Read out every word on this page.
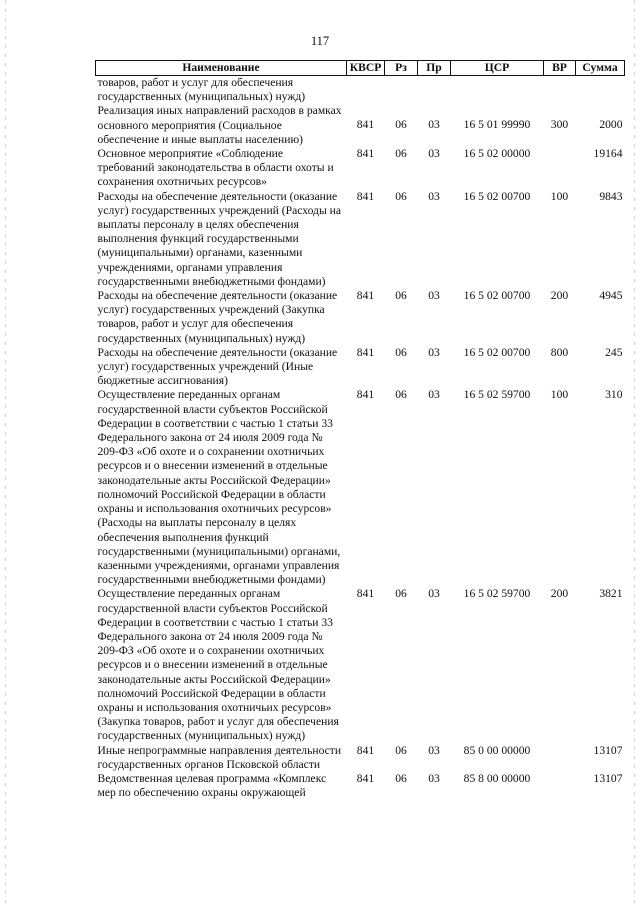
117
Наименование	КВСР	Рз	Пр	ЦСР	ВР	Сумма
товаров, работ и услуг для обеспечения государственных (муниципальных) нужд)						
Реализация иных направлений расходов в рамках основного мероприятия (Социальное обеспечение и иные выплаты населению)	841	06	03	16 5 01 99990	300	2000
Основное мероприятие «Соблюдение требований законодательства в области охоты и сохранения охотничьих ресурсов»	841	06	03	16 5 02 00000		19164
Расходы на обеспечение деятельности (оказание услуг) государственных учреждений (Расходы на выплаты персоналу в целях обеспечения выполнения функций государственными (муниципальными) органами, казенными учреждениями, органами управления государственными внебюджетными фондами)	841	06	03	16 5 02 00700	100	9843
Расходы на обеспечение деятельности (оказание услуг) государственных учреждений (Закупка товаров, работ и услуг для обеспечения государственных (муниципальных) нужд)	841	06	03	16 5 02 00700	200	4945
Расходы на обеспечение деятельности (оказание услуг) государственных учреждений (Иные бюджетные ассигнования)	841	06	03	16 5 02 00700	800	245
Осуществление переданных органам государственной власти субъектов Российской Федерации в соответствии с частью 1 статьи 33 Федерального закона от 24 июля 2009 года № 209-ФЗ «Об охоте и о сохранении охотничьих ресурсов и о внесении изменений в отдельные законодательные акты Российской Федерации» полномочий Российской Федерации в области охраны и использования охотничьих ресурсов» (Расходы на выплаты персоналу в целях обеспечения выполнения функций государственными (муниципальными) органами, казенными учреждениями, органами управления государственными внебюджетными фондами)	841	06	03	16 5 02 59700	100	310
Осуществление переданных органам государственной власти субъектов Российской Федерации в соответствии с частью 1 статьи 33 Федерального закона от 24 июля 2009 года № 209-ФЗ «Об охоте и о сохранении охотничьих ресурсов и о внесении изменений в отдельные законодательные акты Российской Федерации» полномочий Российской Федерации в области охраны и использования охотничьих ресурсов» (Закупка товаров, работ и услуг для обеспечения государственных (муниципальных) нужд)	841	06	03	16 5 02 59700	200	3821
Иные непрограммные направления деятельности государственных органов Псковской области	841	06	03	85 0 00 00000		13107
Ведомственная целевая программа «Комплекс мер по обеспечению охраны окружающей	841	06	03	85 8 00 00000		13107
